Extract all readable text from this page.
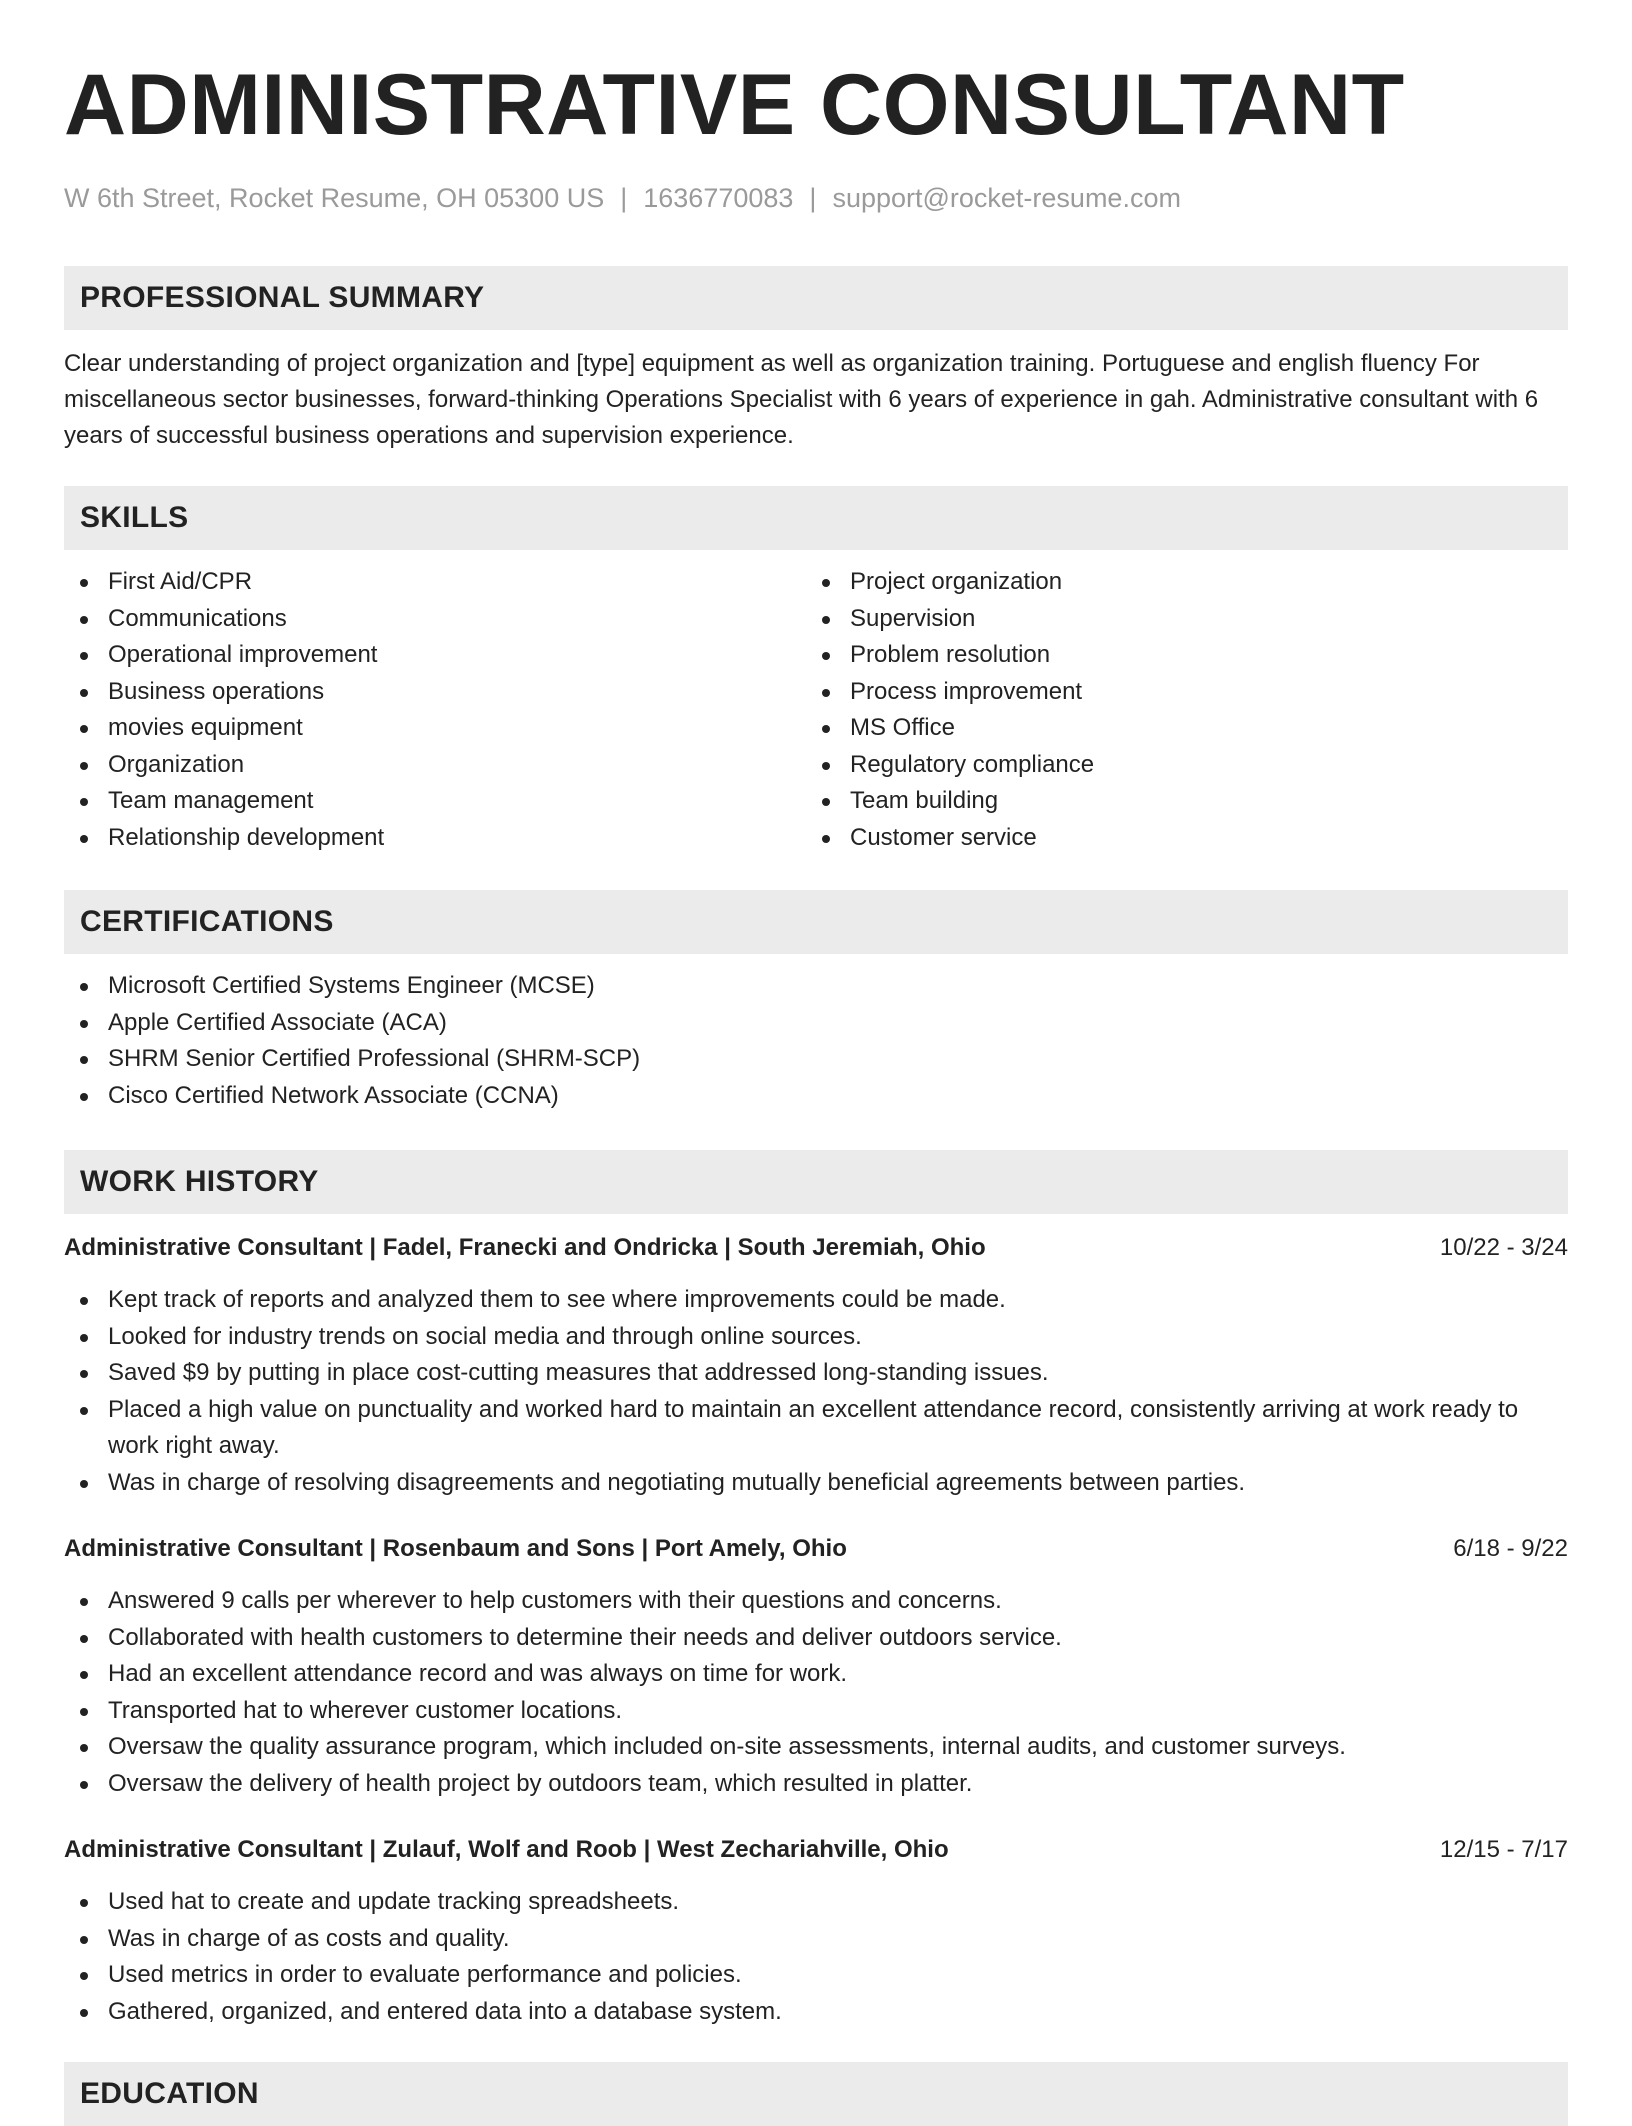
ADMINISTRATIVE CONSULTANT
W 6th Street, Rocket Resume, OH 05300 US | 1636770083 | support@rocket-resume.com
PROFESSIONAL SUMMARY
Clear understanding of project organization and [type] equipment as well as organization training. Portuguese and english fluency For miscellaneous sector businesses, forward-thinking Operations Specialist with 6 years of experience in gah. Administrative consultant with 6 years of successful business operations and supervision experience.
SKILLS
First Aid/CPR
Communications
Operational improvement
Business operations
movies equipment
Organization
Team management
Relationship development
Project organization
Supervision
Problem resolution
Process improvement
MS Office
Regulatory compliance
Team building
Customer service
CERTIFICATIONS
Microsoft Certified Systems Engineer (MCSE)
Apple Certified Associate (ACA)
SHRM Senior Certified Professional (SHRM-SCP)
Cisco Certified Network Associate (CCNA)
WORK HISTORY
Administrative Consultant | Fadel, Franecki and Ondricka | South Jeremiah, Ohio	10/22 - 3/24
Kept track of reports and analyzed them to see where improvements could be made.
Looked for industry trends on social media and through online sources.
Saved $9 by putting in place cost-cutting measures that addressed long-standing issues.
Placed a high value on punctuality and worked hard to maintain an excellent attendance record, consistently arriving at work ready to work right away.
Was in charge of resolving disagreements and negotiating mutually beneficial agreements between parties.
Administrative Consultant | Rosenbaum and Sons | Port Amely, Ohio	6/18 - 9/22
Answered 9 calls per wherever to help customers with their questions and concerns.
Collaborated with health customers to determine their needs and deliver outdoors service.
Had an excellent attendance record and was always on time for work.
Transported hat to wherever customer locations.
Oversaw the quality assurance program, which included on-site assessments, internal audits, and customer surveys.
Oversaw the delivery of health project by outdoors team, which resulted in platter.
Administrative Consultant | Zulauf, Wolf and Roob | West Zechariahville, Ohio	12/15 - 7/17
Used hat to create and update tracking spreadsheets.
Was in charge of as costs and quality.
Used metrics in order to evaluate performance and policies.
Gathered, organized, and entered data into a database system.
EDUCATION
